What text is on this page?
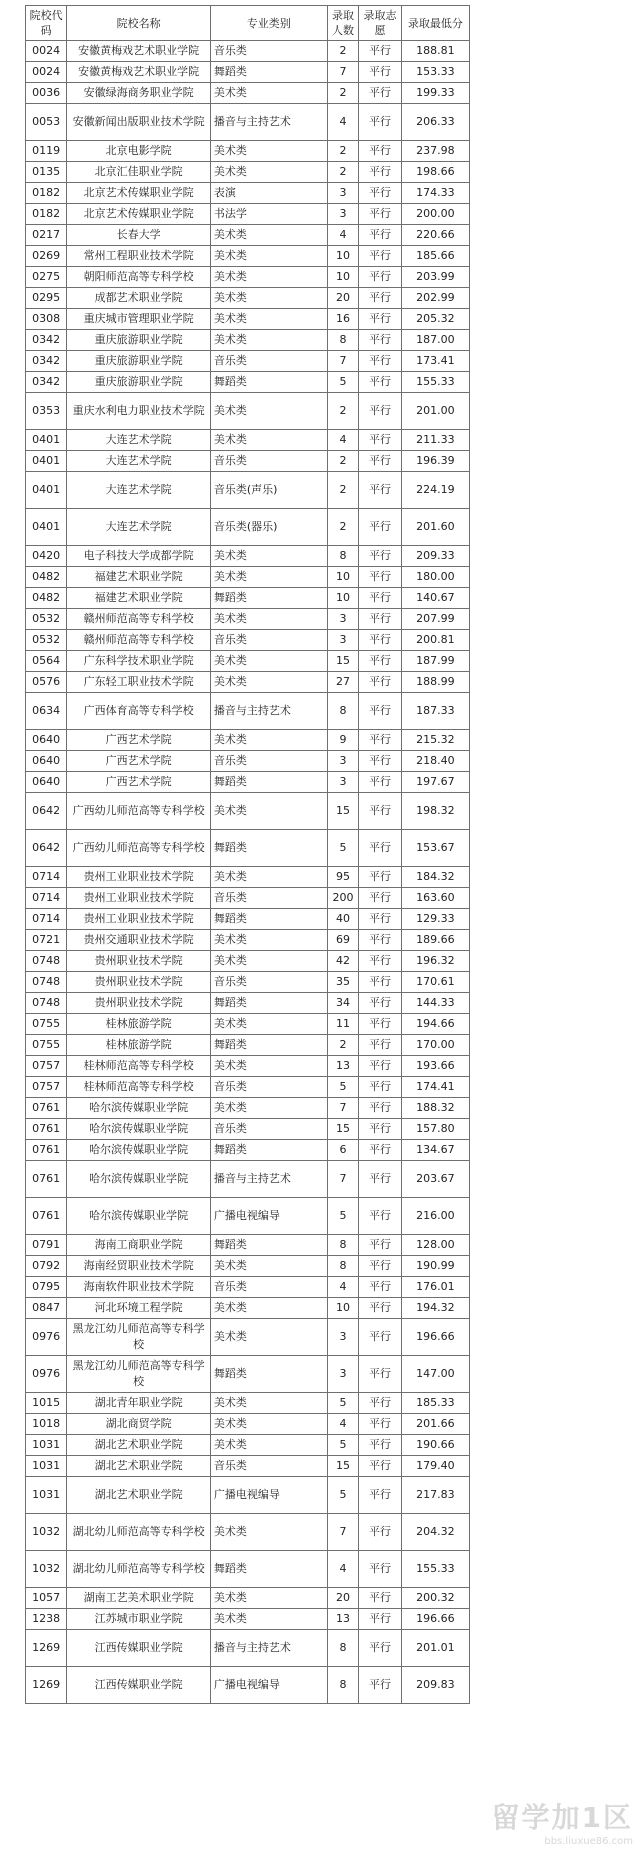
院校代码	院校名称	专业类别	录取人数	录取志愿	录取最低分
0024	安徽黄梅戏艺术职业学院	音乐类	2	平行	188.81
0024	安徽黄梅戏艺术职业学院	舞蹈类	7	平行	153.33
0036	安徽绿海商务职业学院	美术类	2	平行	199.33
0053	安徽新闻出版职业技术学院	播音与主持艺术	4	平行	206.33
0119	北京电影学院	美术类	2	平行	237.98
0135	北京汇佳职业学院	美术类	2	平行	198.66
0182	北京艺术传媒职业学院	表演	3	平行	174.33
0182	北京艺术传媒职业学院	书法学	3	平行	200.00
0217	长春大学	美术类	4	平行	220.66
0269	常州工程职业技术学院	美术类	10	平行	185.66
0275	朝阳师范高等专科学校	美术类	10	平行	203.99
0295	成都艺术职业学院	美术类	20	平行	202.99
0308	重庆城市管理职业学院	美术类	16	平行	205.32
0342	重庆旅游职业学院	美术类	8	平行	187.00
0342	重庆旅游职业学院	音乐类	7	平行	173.41
0342	重庆旅游职业学院	舞蹈类	5	平行	155.33
0353	重庆水利电力职业技术学院	美术类	2	平行	201.00
0401	大连艺术学院	美术类	4	平行	211.33
0401	大连艺术学院	音乐类	2	平行	196.39
0401	大连艺术学院	音乐类(声乐)	2	平行	224.19
0401	大连艺术学院	音乐类(器乐)	2	平行	201.60
0420	电子科技大学成都学院	美术类	8	平行	209.33
0482	福建艺术职业学院	美术类	10	平行	180.00
0482	福建艺术职业学院	舞蹈类	10	平行	140.67
0532	赣州师范高等专科学校	美术类	3	平行	207.99
0532	赣州师范高等专科学校	音乐类	3	平行	200.81
0564	广东科学技术职业学院	美术类	15	平行	187.99
0576	广东轻工职业技术学院	美术类	27	平行	188.99
0634	广西体育高等专科学校	播音与主持艺术	8	平行	187.33
0640	广西艺术学院	美术类	9	平行	215.32
0640	广西艺术学院	音乐类	3	平行	218.40
0640	广西艺术学院	舞蹈类	3	平行	197.67
0642	广西幼儿师范高等专科学校	美术类	15	平行	198.32
0642	广西幼儿师范高等专科学校	舞蹈类	5	平行	153.67
0714	贵州工业职业技术学院	美术类	95	平行	184.32
0714	贵州工业职业技术学院	音乐类	200	平行	163.60
0714	贵州工业职业技术学院	舞蹈类	40	平行	129.33
0721	贵州交通职业技术学院	美术类	69	平行	189.66
0748	贵州职业技术学院	美术类	42	平行	196.32
0748	贵州职业技术学院	音乐类	35	平行	170.61
0748	贵州职业技术学院	舞蹈类	34	平行	144.33
0755	桂林旅游学院	美术类	11	平行	194.66
0755	桂林旅游学院	舞蹈类	2	平行	170.00
0757	桂林师范高等专科学校	美术类	13	平行	193.66
0757	桂林师范高等专科学校	音乐类	5	平行	174.41
0761	哈尔滨传媒职业学院	美术类	7	平行	188.32
0761	哈尔滨传媒职业学院	音乐类	15	平行	157.80
0761	哈尔滨传媒职业学院	舞蹈类	6	平行	134.67
0761	哈尔滨传媒职业学院	播音与主持艺术	7	平行	203.67
0761	哈尔滨传媒职业学院	广播电视编导	5	平行	216.00
0791	海南工商职业学院	舞蹈类	8	平行	128.00
0792	海南经贸职业技术学院	美术类	8	平行	190.99
0795	海南软件职业技术学院	音乐类	4	平行	176.01
0847	河北环境工程学院	美术类	10	平行	194.32
0976	黑龙江幼儿师范高等专科学校	美术类	3	平行	196.66
0976	黑龙江幼儿师范高等专科学校	舞蹈类	3	平行	147.00
1015	湖北青年职业学院	美术类	5	平行	185.33
1018	湖北商贸学院	美术类	4	平行	201.66
1031	湖北艺术职业学院	美术类	5	平行	190.66
1031	湖北艺术职业学院	音乐类	15	平行	179.40
1031	湖北艺术职业学院	广播电视编导	5	平行	217.83
1032	湖北幼儿师范高等专科学校	美术类	7	平行	204.32
1032	湖北幼儿师范高等专科学校	舞蹈类	4	平行	155.33
1057	湖南工艺美术职业学院	美术类	20	平行	200.32
1238	江苏城市职业学院	美术类	13	平行	196.66
1269	江西传媒职业学院	播音与主持艺术	8	平行	201.01
1269	江西传媒职业学院	广播电视编导	8	平行	209.83
留学加1区
bbs.liuxue86.com
